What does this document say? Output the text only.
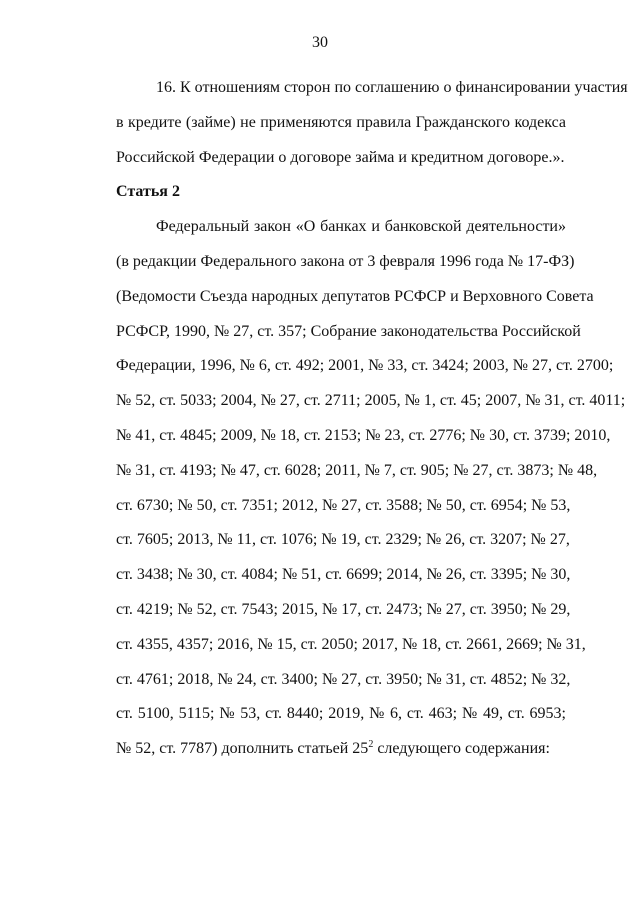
30
16. К отношениям сторон по соглашению о финансировании участия
в кредите (займе) не применяются правила Гражданского кодекса
Российской Федерации о договоре займа и кредитном договоре.».
Статья 2
Федеральный закон «О банках и банковской деятельности»
(в редакции Федерального закона от 3 февраля 1996 года № 17-ФЗ)
(Ведомости Съезда народных депутатов РСФСР и Верховного Совета
РСФСР, 1990, № 27, ст. 357; Собрание законодательства Российской
Федерации, 1996, № 6, ст. 492; 2001, № 33, ст. 3424; 2003, № 27, ст. 2700;
№ 52, ст. 5033; 2004, № 27, ст. 2711; 2005, № 1, ст. 45; 2007, № 31, ст. 4011;
№ 41, ст. 4845; 2009, № 18, ст. 2153; № 23, ст. 2776; № 30, ст. 3739; 2010,
№ 31, ст. 4193; № 47, ст. 6028; 2011, № 7, ст. 905; № 27, ст. 3873; № 48,
ст. 6730; № 50, ст. 7351; 2012, № 27, ст. 3588; № 50, ст. 6954; № 53,
ст. 7605; 2013, № 11, ст. 1076; № 19, ст. 2329; № 26, ст. 3207; № 27,
ст. 3438; № 30, ст. 4084; № 51, ст. 6699; 2014, № 26, ст. 3395; № 30,
ст. 4219; № 52, ст. 7543; 2015, № 17, ст. 2473; № 27, ст. 3950; № 29,
ст. 4355, 4357; 2016, № 15, ст. 2050; 2017, № 18, ст. 2661, 2669; № 31,
ст. 4761; 2018, № 24, ст. 3400; № 27, ст. 3950; № 31, ст. 4852; № 32,
ст. 5100, 5115; № 53, ст. 8440; 2019, № 6, ст. 463; № 49, ст. 6953;
№ 52, ст. 7787) дополнить статьей $25^2$ следующего содержания:
